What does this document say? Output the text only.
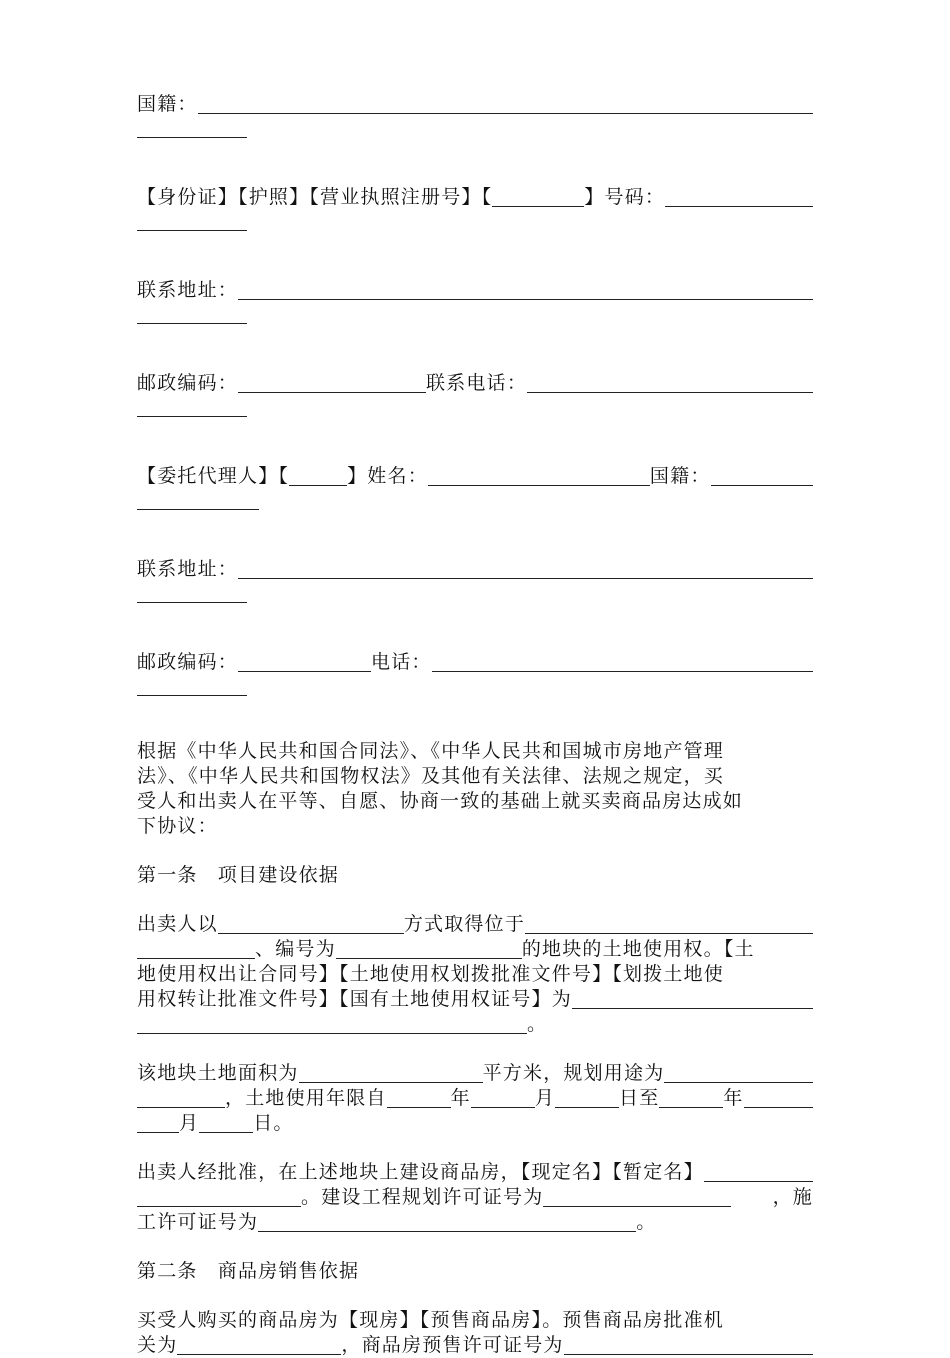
国籍：
【身份证】【护照】【营业执照注册号】【	】号码：
联系地址：
邮政编码：	联系电话：
【委托代理人】【	】姓名：	国籍：
联系地址：
邮政编码：	电话：
根据《中华人民共和国合同法》、《中华人民共和国城市房地产管理
法》、《中华人民共和国物权法》及其他有关法律、法规之规定，买
受人和出卖人在平等、自愿、协商一致的基础上就买卖商品房达成如
下协议：
第一条　项目建设依据
出卖人以	方式取得位于
、编号为	的地块的土地使用权。【土
地使用权出让合同号】【土地使用权划拨批准文件号】【划拨土地使
用权转让批准文件号】【国有土地使用权证号】为
。
该地块土地面积为	平方米，规划用途为
，土地使用年限自	年	月	日至	年
月	日。
出卖人经批准，在上述地块上建设商品房，【现定名】【暂定名】
。建设工程规划许可证号为	，施
工许可证号为	。
第二条　商品房销售依据
买受人购买的商品房为【现房】【预售商品房】。预售商品房批准机
关为	，商品房预售许可证号为
